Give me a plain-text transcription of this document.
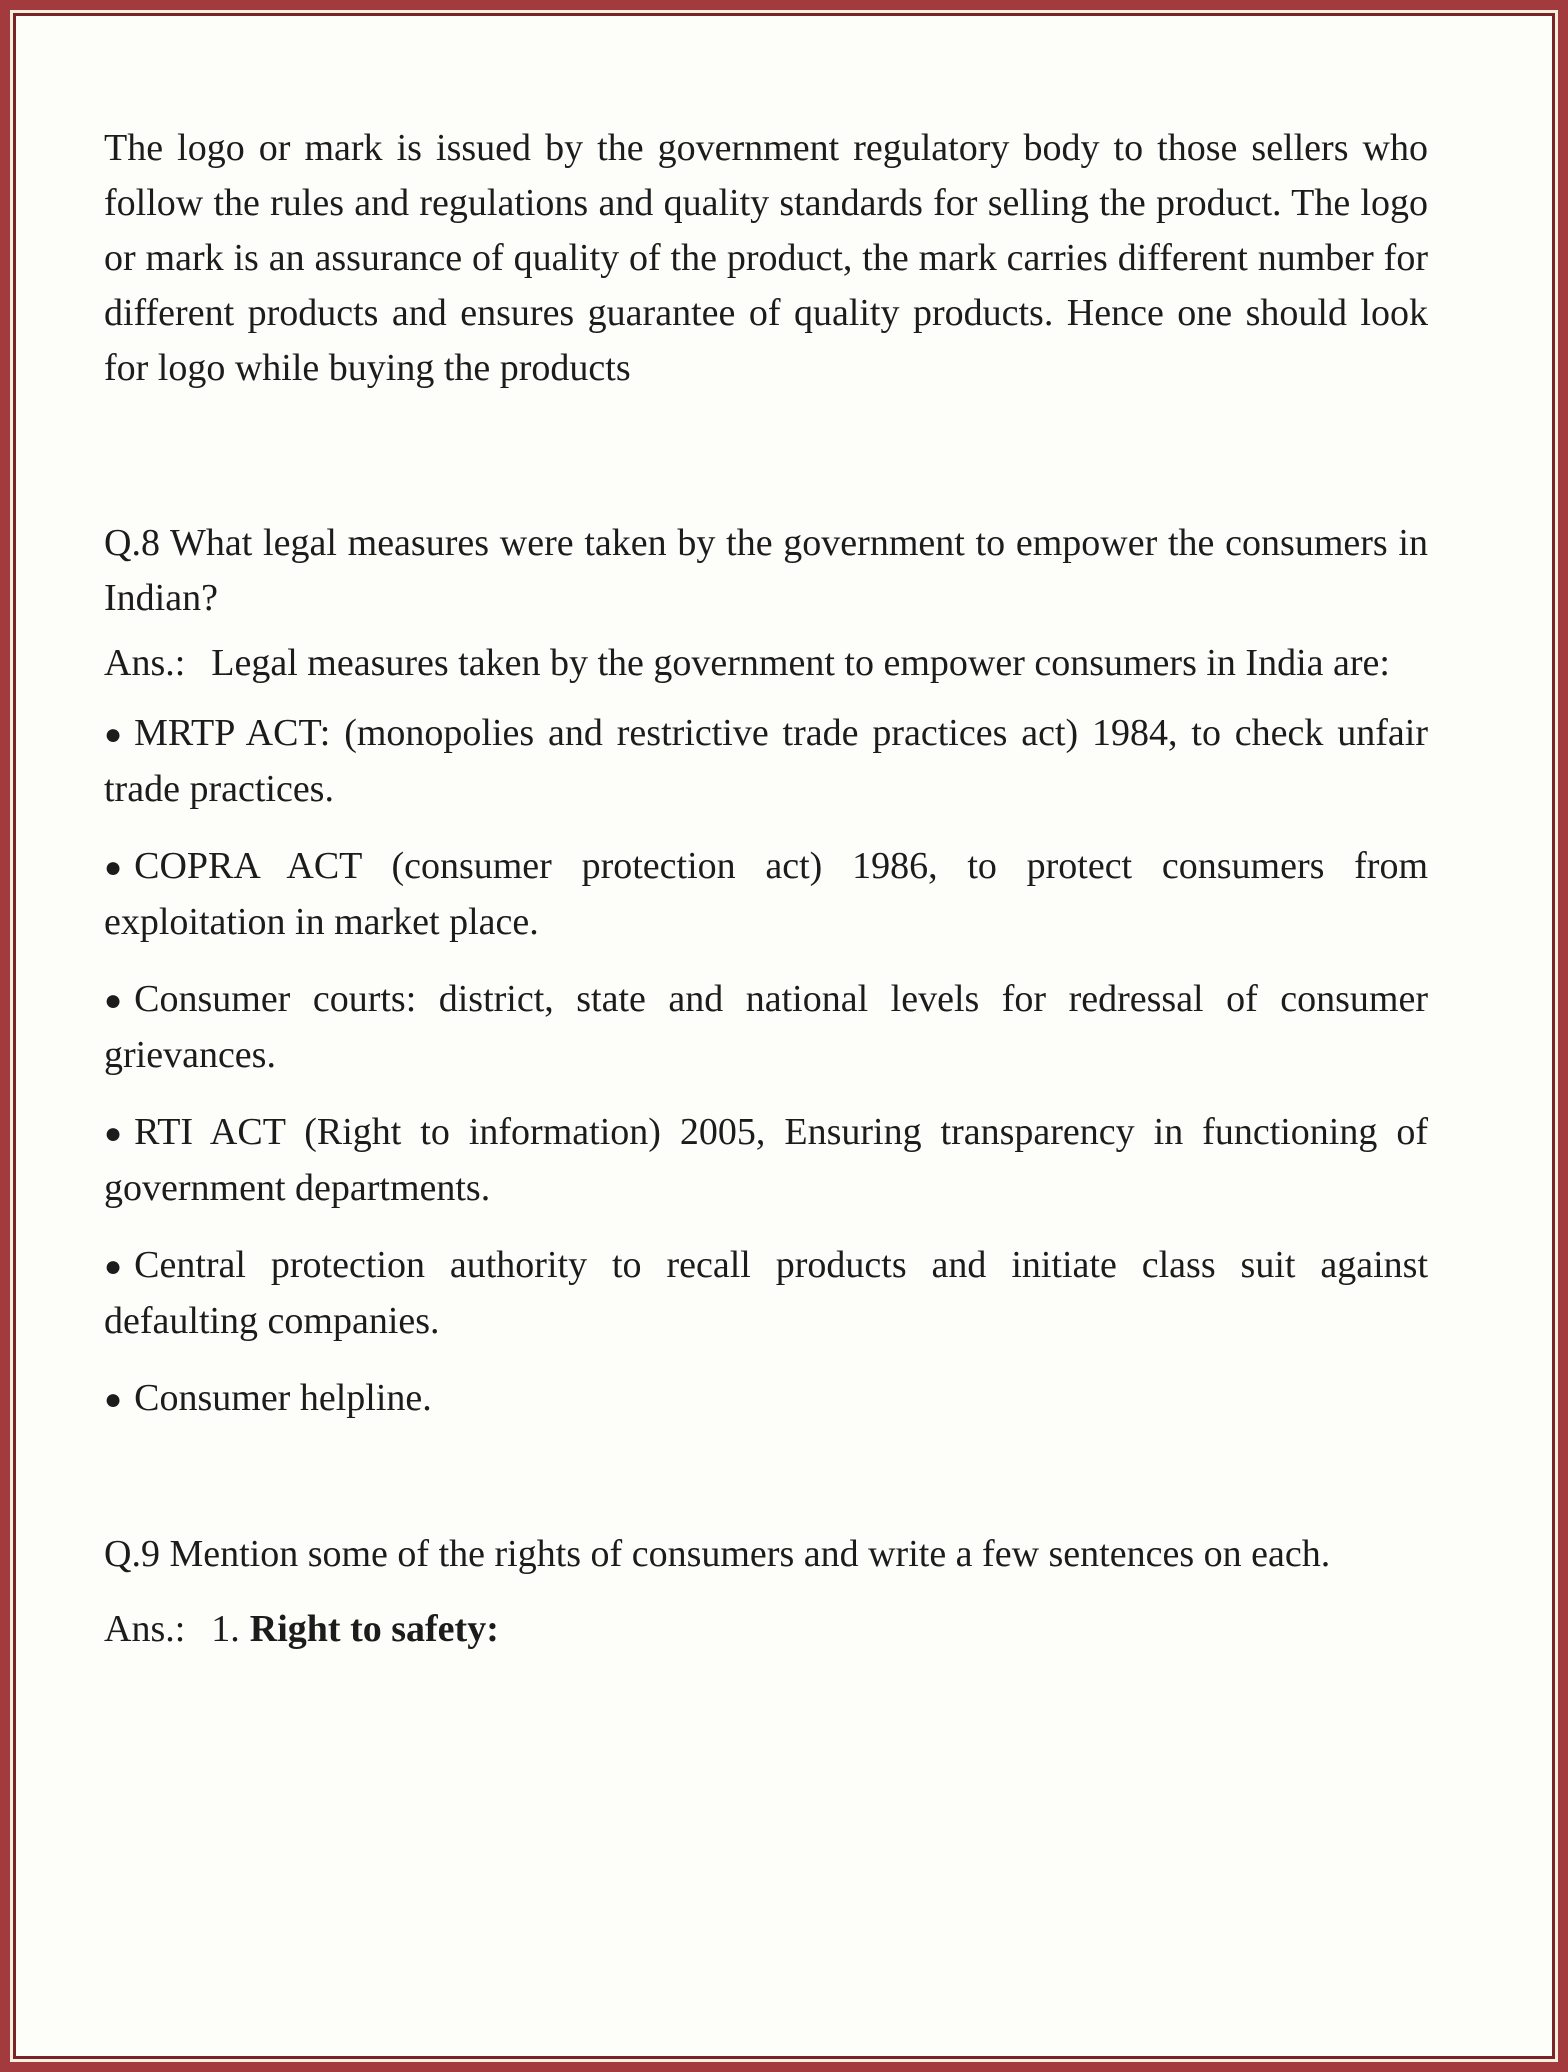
The logo or mark is issued by the government regulatory body to those sellers who follow the rules and regulations and quality standards for selling the product. The logo or mark is an assurance of quality of the product, the mark carries different number for different products and ensures guarantee of quality products. Hence one should look for logo while buying the products

Q.8 What legal measures were taken by the government to empower the consumers in Indian?

Ans.: Legal measures taken by the government to empower consumers in India are:

● MRTP ACT: (monopolies and restrictive trade practices act) 1984, to check unfair trade practices.

● COPRA ACT (consumer protection act) 1986, to protect consumers from exploitation in market place.

● Consumer courts: district, state and national levels for redressal of consumer grievances.

● RTI ACT (Right to information) 2005, Ensuring transparency in functioning of government departments.

● Central protection authority to recall products and initiate class suit against defaulting companies.

● Consumer helpline.

Q.9 Mention some of the rights of consumers and write a few sentences on each.

Ans.: 1. Right to safety:
